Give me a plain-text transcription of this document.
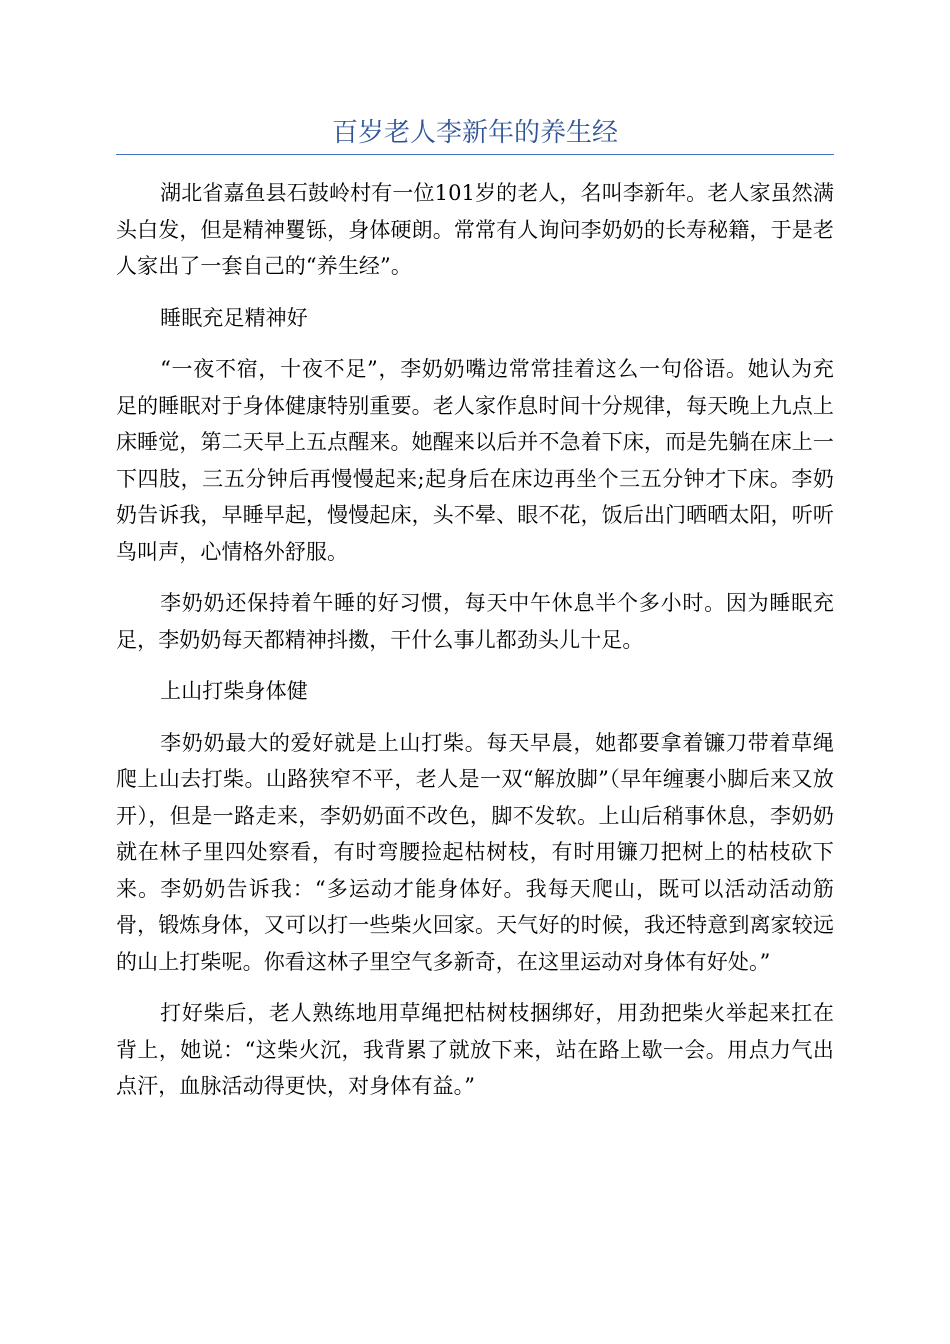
百岁老人李新年的养生经

湖北省嘉鱼县石鼓岭村有一位101岁的老人，名叫李新年。老人家虽然满头白发，但是精神矍铄，身体硬朗。常常有人询问李奶奶的长寿秘籍，于是老人家出了一套自己的“养生经”。

睡眠充足精神好

“一夜不宿，十夜不足”，李奶奶嘴边常常挂着这么一句俗语。她认为充足的睡眠对于身体健康特别重要。老人家作息时间十分规律，每天晚上九点上床睡觉，第二天早上五点醒来。她醒来以后并不急着下床，而是先躺在床上一下四肢，三五分钟后再慢慢起来;起身后在床边再坐个三五分钟才下床。李奶奶告诉我，早睡早起，慢慢起床，头不晕、眼不花，饭后出门晒晒太阳，听听鸟叫声，心情格外舒服。

李奶奶还保持着午睡的好习惯，每天中午休息半个多小时。因为睡眠充足，李奶奶每天都精神抖擞，干什么事儿都劲头儿十足。

上山打柴身体健

李奶奶最大的爱好就是上山打柴。每天早晨，她都要拿着镰刀带着草绳爬上山去打柴。山路狭窄不平，老人是一双“解放脚”（早年缠裹小脚后来又放开），但是一路走来，李奶奶面不改色，脚不发软。上山后稍事休息，李奶奶就在林子里四处察看，有时弯腰捡起枯树枝，有时用镰刀把树上的枯枝砍下来。李奶奶告诉我：“多运动才能身体好。我每天爬山，既可以活动活动筋骨，锻炼身体，又可以打一些柴火回家。天气好的时候，我还特意到离家较远的山上打柴呢。你看这林子里空气多新奇，在这里运动对身体有好处。”

打好柴后，老人熟练地用草绳把枯树枝捆绑好，用劲把柴火举起来扛在背上，她说：“这柴火沉，我背累了就放下来，站在路上歇一会。用点力气出点汗，血脉活动得更快，对身体有益。”
